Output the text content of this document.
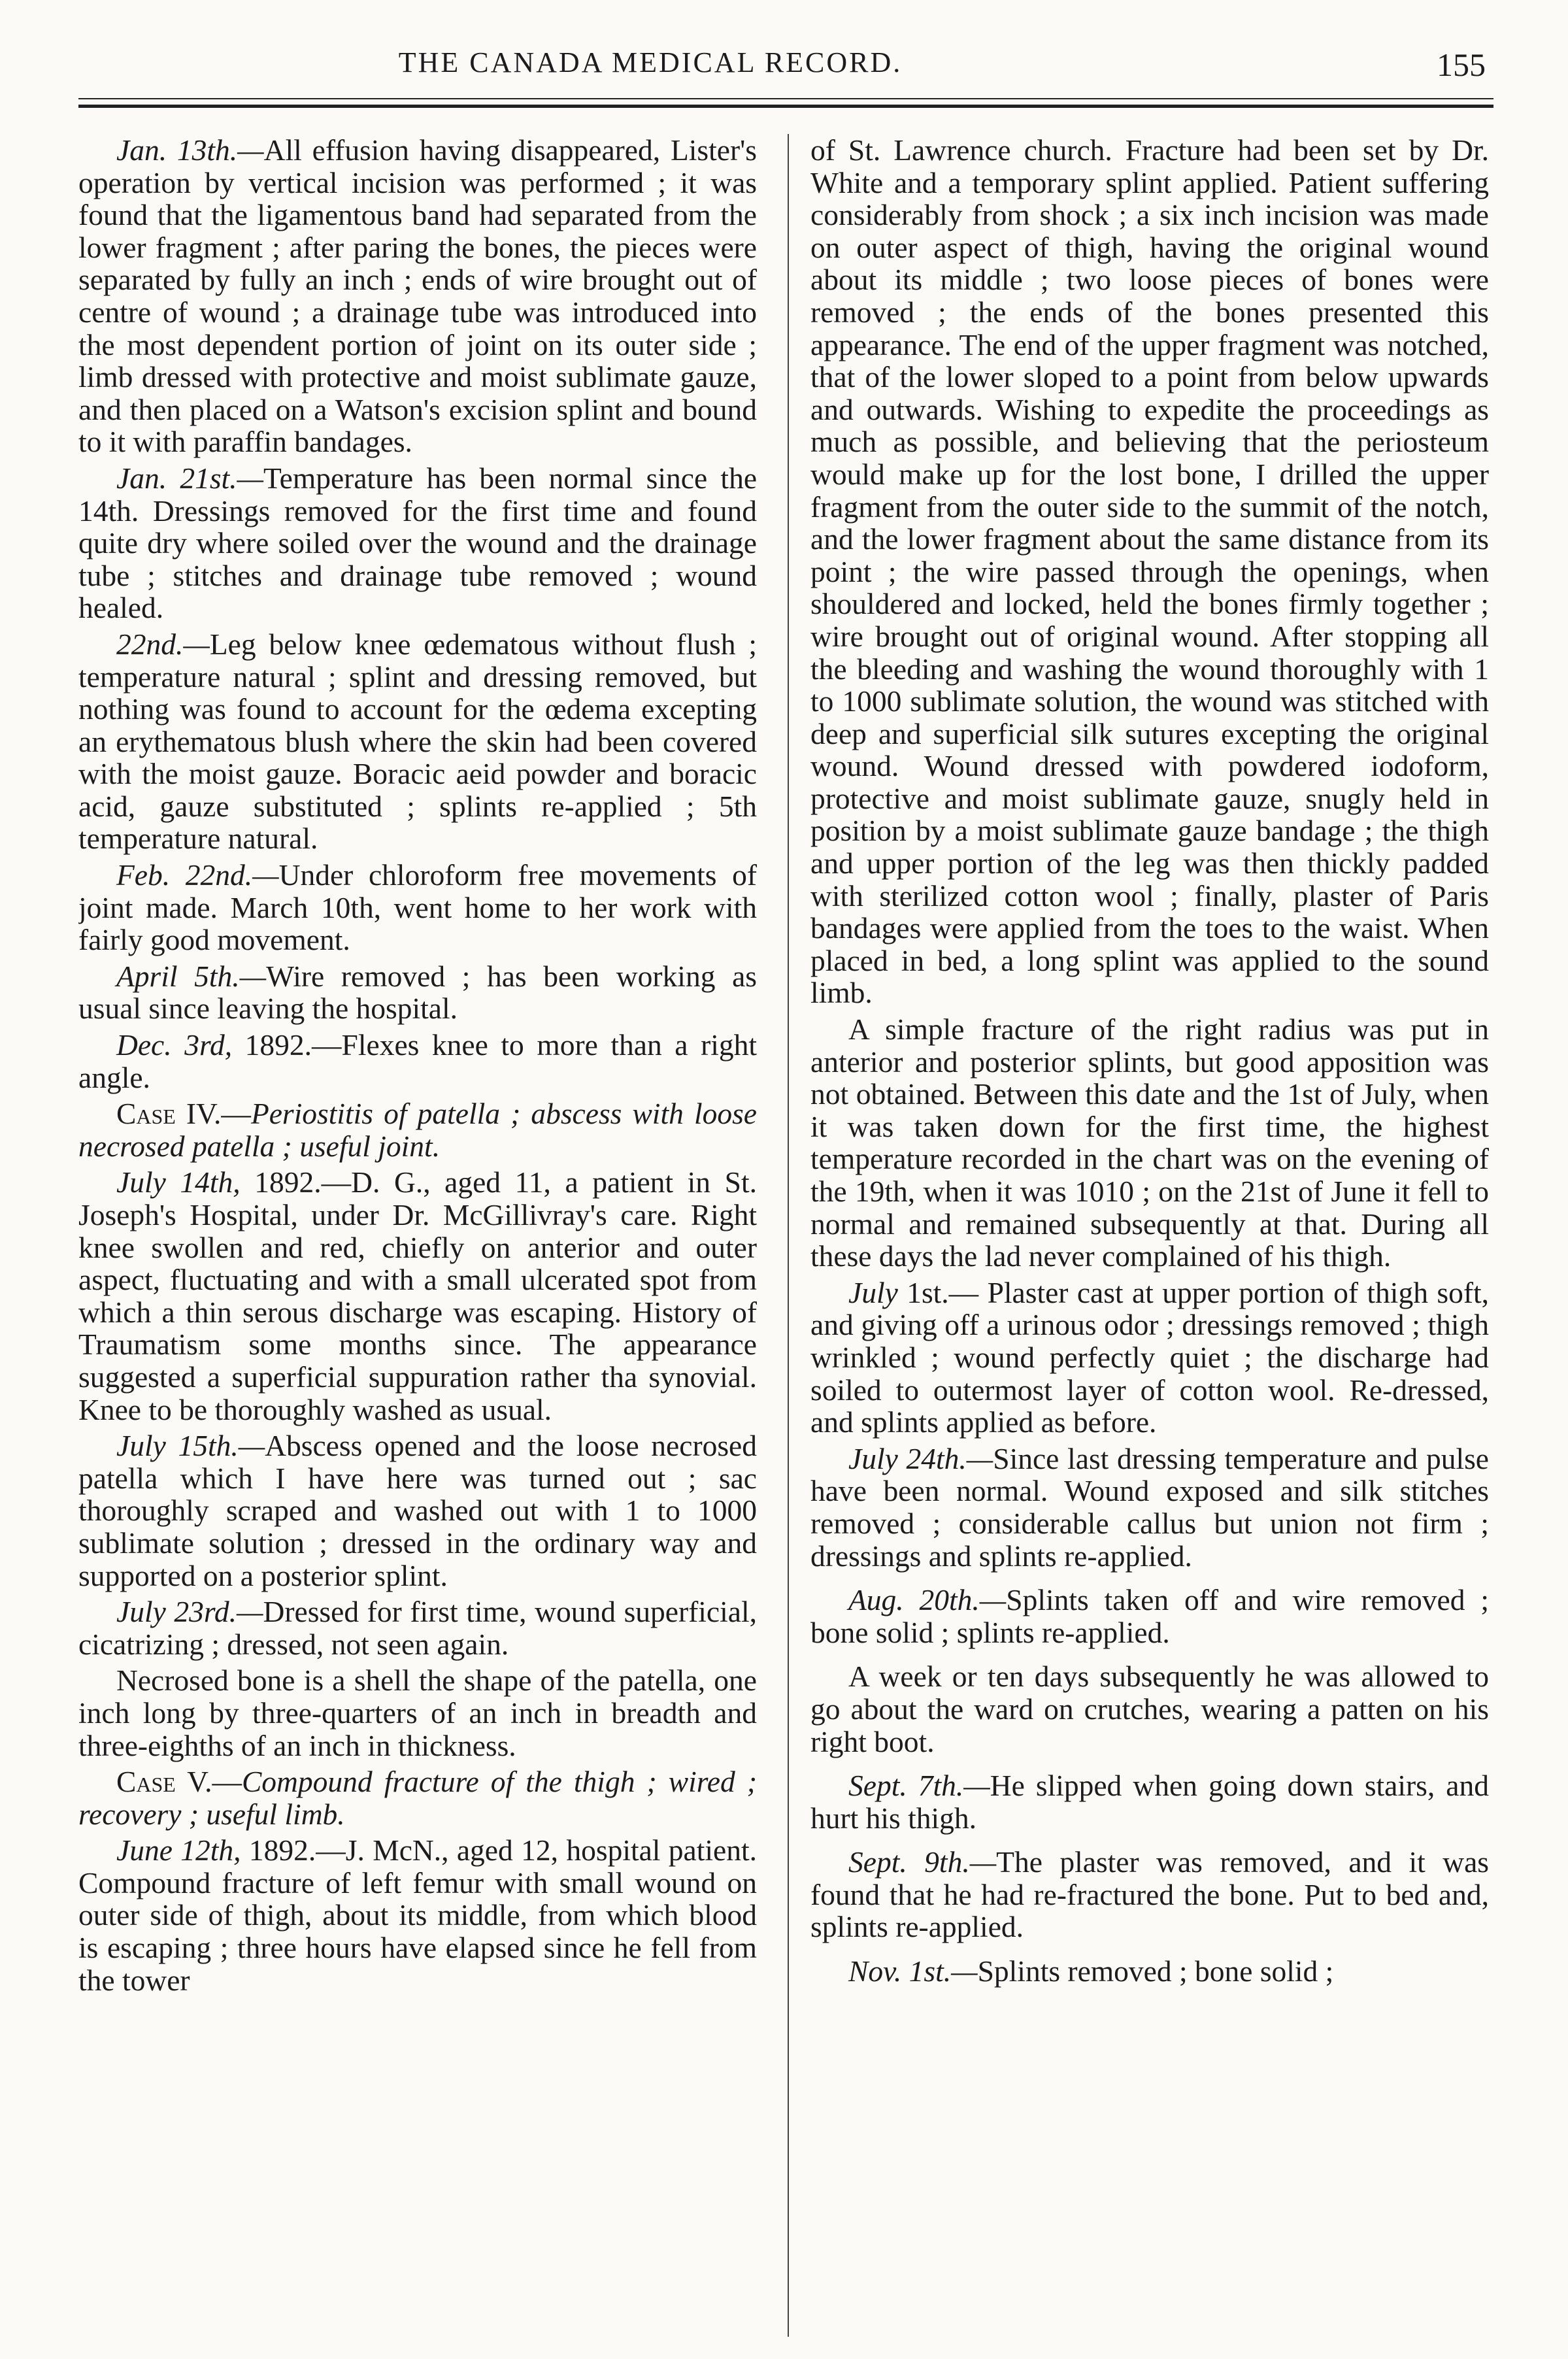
THE CANADA MEDICAL RECORD.	155

Jan. 13th.—All effusion having disappeared, Lister's operation by vertical incision was performed ; it was found that the ligamentous band had separated from the lower fragment ; after paring the bones, the pieces were separated by fully an inch ; ends of wire brought out of centre of wound ; a drainage tube was introduced into the most dependent portion of joint on its outer side ; limb dressed with protective and moist sublimate gauze, and then placed on a Watson's excision splint and bound to it with paraffin bandages.

Jan. 21st.—Temperature has been normal since the 14th. Dressings removed for the first time and found quite dry where soiled over the wound and the drainage tube ; stitches and drainage tube removed ; wound healed.

22nd.—Leg below knee œdematous without flush ; temperature natural ; splint and dressing removed, but nothing was found to account for the œdema excepting an erythematous blush where the skin had been covered with the moist gauze. Boracic aeid powder and boracic acid, gauze substituted ; splints re-applied ; 5th temperature natural.

Feb. 22nd.—Under chloroform free movements of joint made. March 10th, went home to her work with fairly good movement.

April 5th.—Wire removed ; has been working as usual since leaving the hospital.

Dec. 3rd, 1892.—Flexes knee to more than a right angle.

Case IV.—Periostitis of patella ; abscess with loose necrosed patella ; useful joint.

July 14th, 1892.—D. G., aged 11, a patient in St. Joseph's Hospital, under Dr. McGillivray's care. Right knee swollen and red, chiefly on anterior and outer aspect, fluctuating and with a small ulcerated spot from which a thin serous discharge was escaping. History of Traumatism some months since. The appearance suggested a superficial suppuration rather tha synovial. Knee to be thoroughly washed as usual.

July 15th.—Abscess opened and the loose necrosed patella which I have here was turned out ; sac thoroughly scraped and washed out with 1 to 1000 sublimate solution ; dressed in the ordinary way and supported on a posterior splint.

July 23rd.—Dressed for first time, wound superficial, cicatrizing ; dressed, not seen again.

Necrosed bone is a shell the shape of the patella, one inch long by three-quarters of an inch in breadth and three-eighths of an inch in thickness.

Case V.—Compound fracture of the thigh ; wired ; recovery ; useful limb.

June 12th, 1892.—J. McN., aged 12, hospital patient. Compound fracture of left femur with small wound on outer side of thigh, about its middle, from which blood is escaping ; three hours have elapsed since he fell from the tower

of St. Lawrence church. Fracture had been set by Dr. White and a temporary splint applied. Patient suffering considerably from shock ; a six inch incision was made on outer aspect of thigh, having the original wound about its middle ; two loose pieces of bones were removed ; the ends of the bones presented this appearance. The end of the upper fragment was notched, that of the lower sloped to a point from below upwards and outwards. Wishing to expedite the proceedings as much as possible, and believing that the periosteum would make up for the lost bone, I drilled the upper fragment from the outer side to the summit of the notch, and the lower fragment about the same distance from its point ; the wire passed through the openings, when shouldered and locked, held the bones firmly together ; wire brought out of original wound. After stopping all the bleeding and washing the wound thoroughly with 1 to 1000 sublimate solution, the wound was stitched with deep and superficial silk sutures excepting the original wound. Wound dressed with powdered iodoform, protective and moist sublimate gauze, snugly held in position by a moist sublimate gauze bandage ; the thigh and upper portion of the leg was then thickly padded with sterilized cotton wool ; finally, plaster of Paris bandages were applied from the toes to the waist. When placed in bed, a long splint was applied to the sound limb.

A simple fracture of the right radius was put in anterior and posterior splints, but good apposition was not obtained. Between this date and the 1st of July, when it was taken down for the first time, the highest temperature recorded in the chart was on the evening of the 19th, when it was 1010 ; on the 21st of June it fell to normal and remained subsequently at that. During all these days the lad never complained of his thigh.

July 1st.— Plaster cast at upper portion of thigh soft, and giving off a urinous odor ; dressings removed ; thigh wrinkled ; wound perfectly quiet ; the discharge had soiled to outermost layer of cotton wool. Re-dressed, and splints applied as before.

July 24th.—Since last dressing temperature and pulse have been normal. Wound exposed and silk stitches removed ; considerable callus but union not firm ; dressings and splints re-applied.

Aug. 20th.—Splints taken off and wire removed ; bone solid ; splints re-applied.

A week or ten days subsequently he was allowed to go about the ward on crutches, wearing a patten on his right boot.

Sept. 7th.—He slipped when going down stairs, and hurt his thigh.

Sept. 9th.—The plaster was removed, and it was found that he had re-fractured the bone. Put to bed and, splints re-applied.

Nov. 1st.—Splints removed ; bone solid ;
